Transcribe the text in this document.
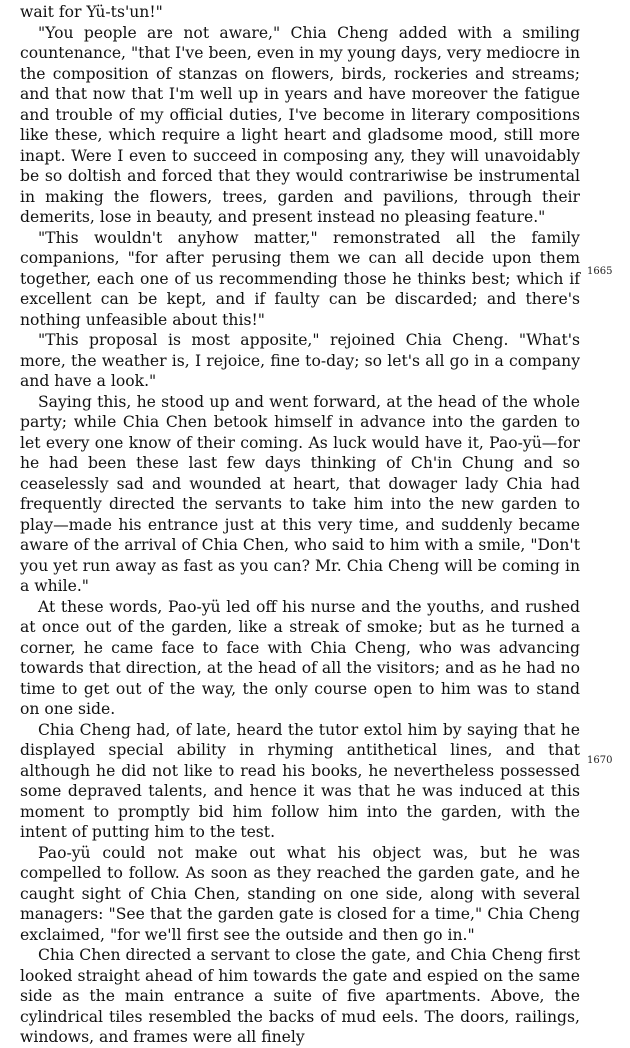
wait for Yü-ts'un!"

"You people are not aware," Chia Cheng added with a smiling countenance, "that I've been, even in my young days, very mediocre in the composition of stanzas on flowers, birds, rockeries and streams; and that now that I'm well up in years and have moreover the fatigue and trouble of my official duties, I've become in literary compositions like these, which require a light heart and gladsome mood, still more inapt. Were I even to succeed in composing any, they will unavoidably be so doltish and forced that they would contrariwise be instrumental in making the flowers, trees, garden and pavilions, through their demerits, lose in beauty, and present instead no pleasing feature."

"This wouldn't anyhow matter," remonstrated all the family companions, "for after perusing them we can all decide upon them together, each one of us recommending those he thinks best; which if excellent can be kept, and if faulty can be discarded; and there's nothing unfeasible about this!"

"This proposal is most apposite," rejoined Chia Cheng. "What's more, the weather is, I rejoice, fine to-day; so let's all go in a company and have a look."

Saying this, he stood up and went forward, at the head of the whole party; while Chia Chen betook himself in advance into the garden to let every one know of their coming. As luck would have it, Pao-yü—for he had been these last few days thinking of Ch'in Chung and so ceaselessly sad and wounded at heart, that dowager lady Chia had frequently directed the servants to take him into the new garden to play—made his entrance just at this very time, and suddenly became aware of the arrival of Chia Chen, who said to him with a smile, "Don't you yet run away as fast as you can? Mr. Chia Cheng will be coming in a while."

At these words, Pao-yü led off his nurse and the youths, and rushed at once out of the garden, like a streak of smoke; but as he turned a corner, he came face to face with Chia Cheng, who was advancing towards that direction, at the head of all the visitors; and as he had no time to get out of the way, the only course open to him was to stand on one side.

Chia Cheng had, of late, heard the tutor extol him by saying that he displayed special ability in rhyming antithetical lines, and that although he did not like to read his books, he nevertheless possessed some depraved talents, and hence it was that he was induced at this moment to promptly bid him follow him into the garden, with the intent of putting him to the test.

Pao-yü could not make out what his object was, but he was compelled to follow. As soon as they reached the garden gate, and he caught sight of Chia Chen, standing on one side, along with several managers: "See that the garden gate is closed for a time," Chia Cheng exclaimed, "for we'll first see the outside and then go in."

Chia Chen directed a servant to close the gate, and Chia Cheng first looked straight ahead of him towards the gate and espied on the same side as the main entrance a suite of five apartments. Above, the cylindrical tiles resembled the backs of mud eels. The doors, railings, windows, and frames were all finely

1665
1670
